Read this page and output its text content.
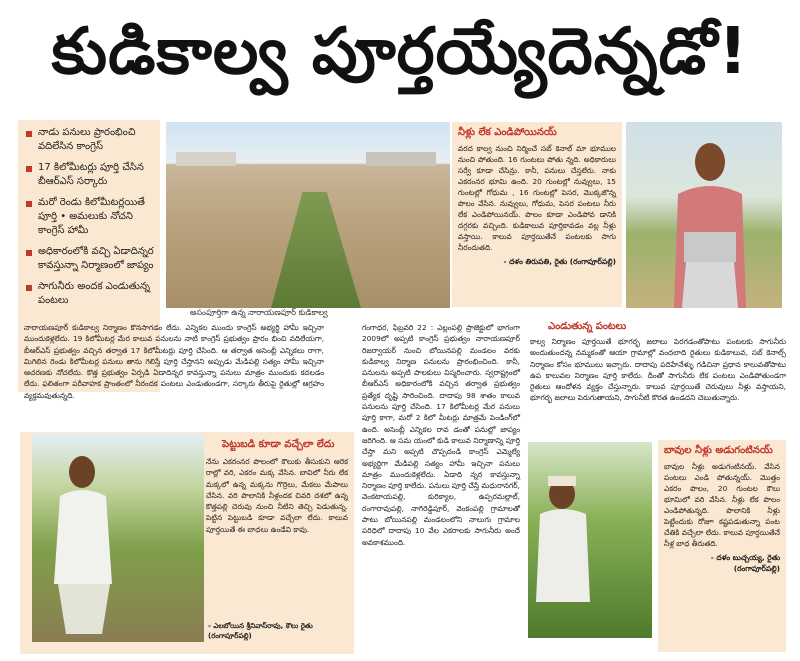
కుడికాల్వ పూర్తయ్యేదెన్నడో!
నాడు పనులు ప్రారంభించి వదిలేసిన కాంగ్రెస్
17 కిలోమీటర్లు పూర్తి చేసిన బీఆర్ఎస్ సర్కారు
మరో రెండు కిలోమీటర్లయితే పూర్తి • అమలుకు నోచని కాంగ్రెస్ హామీ
అధికారంలోకి వచ్చి ఏడాదిన్నర కావస్తున్నా నిర్మాణంలో జాప్యం
సాగునీరు అందక ఎండుతున్న పంటలు
అసంపూర్తిగా ఉన్న నారాయణపూర్ కుడికాల్వ
నీళ్లు లేక ఎండిపోయినయ్
వరద కాల్వ నుంచి నిర్మించే సబ్ కెనాల్ మా భూముల నుంచి పోతుంది. 16 గుంటలు పోతు న్నది. అధికారులు సర్వే కూడా చేసిన్రు. కానీ, పనులు చేస్తలేరు. నాకు ఎకరంనర భూమి ఉంది. 20 గుంటల్లో నువ్వులు, 15 గుంటల్లో గోధుమ , 16 గుంటల్లో పెసర, మొక్కజొన్న పొలం వేసిన. నువ్వులు, గోధుమ, పెసర పంటలు నీరు లేక ఎండిపోయినయ్. పొలం కూడా ఎండిపోవ డానికి దగ్గరకు వచ్చింది. కుడికాలువ పూర్తికావడం వల్ల నీళ్లు వస్తాయి. కాలువ పూర్తయితేనే పంటలకు సాగు నీరందుతది.
- దళం తిరుపతి, రైతు (రంగాపూర్‌పల్లి)
నారాయణపూర్ కుడికాల్వ నిర్మాణం కొనసాగడం లేదు. ఎన్నికల ముందు కాంగ్రెస్ అభ్యర్థి హామీ ఇచ్చినా ముందుకెళ్లలేదు. 19 కిలోమీటర్ల మేర కాలువ పనులను నాటి కాంగ్రెస్ ప్రభుత్వం ప్రారం భించి వదిలేయగా, బీఆర్ఎస్ ప్రభుత్వం వచ్చిన తర్వాత 17 కిలోమీటర్లు పూర్తి చేసింది. ఆ తర్వాత అసెంబ్లీ ఎన్నికలు రాగా, మిగిలిన రెండు కిలోమీటర్ల పనులు తాను గెలిస్తే పూర్తి చేస్తానని అప్పుడు మేడిపల్లి సత్యం హామీ ఇచ్చినా ఆచరణకు నోచలేదు. కొత్త ప్రభుత్వం ఏర్పడి ఏడాదిన్నర కావస్తున్నా పనులు మాత్రం ముందుకు కదలడం లేదు. ఫలితంగా పరీవాహక ప్రాంతంలో నీరందక పంటలు ఎండుతుండగా, సర్కారు తీరుపై రైతుల్లో ఆగ్రహం వ్యక్తమవుతున్నది.
గంగాధర, ఫిబ్రవరి 22 : ఎల్లంపల్లి ప్రాజెక్టులో భాగంగా 2009లో అప్పటి కాంగ్రెస్ ప్రభుత్వం నారాయణపూర్ రిజర్వాయర్ నుంచి బోయినపల్లి మండలం వరకు కుడికాల్వ నిర్మాణ పనులను ప్రారంభించింది. కానీ, పనులను అప్పటి పాలకులు విస్మరించారు. స్వరాష్ట్రంలో బీఆర్ఎస్ అధికారంలోకి వచ్చిన తర్వాత ప్రభుత్వం ప్రత్యేక దృష్టి సారించింది. దాదాపు 98 శాతం కాలువ పనులను పూర్తి చేసింది. 17 కిలోమీటర్ల మేర పనులు పూర్తి కాగా, మరో 2 కిలో మీటర్లు మాత్రమే పెండింగ్‌లో ఉంది. అసెంబ్లీ ఎన్నికల రావ డంతో పనుల్లో జాప్యం జరిగింది. ఆ సమ యంలో కుడి కాలువ నిర్మాణాన్ని పూర్తి చేస్తా మని అప్పటి చొప్పదండి కాంగ్రెస్ ఎమ్మెల్యే అభ్యర్థిగా మేడిపల్లి సత్యం హామీ ఇచ్చినా పనులు మాత్రం ముందుకెళ్లలేదు. ఏడాది న్నర కావస్తున్నా నిర్మాణం పూర్తి కాలేదు. పనులు పూర్తి చేస్తే మధురానగర్, వెంకటాయపల్లి, కురిక్యాల, ఉప్పరమల్లాల్, రంగారావుపల్లి, నాగిరెడ్డిపూర్, వెంకంపల్లి గ్రామాలతో పాటు బోయినపల్లి మండలంలోని నాలుగు గ్రామాల పరిధిలో దాదాపు 10 వేల ఎకరాలకు సాగునీరు అందే అవకాశముంది.
ఎండుతున్న పంటలు
కాల్వ నిర్మాణం పూర్తయితే భూగర్భ జలాలు పెరగడంతోపాటు పంటలకు సాగునీరు అందుతుందన్న నమ్మకంతో ఆయా గ్రామాల్లో వందలాది రైతులు కుడికాలువ, సబ్ కెనాల్స్ నిర్మాణం కోసం భూములు ఇచ్చారు. దాదాపు పదిహేనేళ్ళు గడిచినా ప్రధాన కాలువతోపాటు ఉప కాలువల నిర్మాణం పూర్తి కాలేదు. దీంతో సాగునీరు లేక పంటలు ఎండిపోతుండగా రైతులు ఆందోళన వ్యక్తం చేస్తున్నారు. కాలువ పూర్తయితే చెరువులు నీళ్లు వస్తాయని, భూగర్భ జలాలు పెరుగుతాయని, సాగునీటి కొరత ఉండదని చెబుతున్నారు.
పెట్టుబడి కూడా వచ్చేలా లేదు
నేను ఎకరంనర పొలంలో కౌలుకు తీసుకుని ఆరెక రాల్లో వరి, ఎకరం మక్క వేసిన. బావిలో నీరు లేక మక్కలో ఉన్న మక్కను గొర్రెలు, మేకలు మేపాలు చేసిన. వరి పొలానికి నీళ్లందక చివరి దశలో ఉన్న కొత్తపల్లి చెరువు నుంచి నీటిని తెచ్చి పెడుతున్న. పెట్టిన పెట్టుబడి కూడా వచ్చేలా లేదు. కాలువ పూర్తయితే ఈ బాధలు ఉండేవి కావు.
- ఎలబోయిన శ్రీనివాస్‌రావు, కౌలు రైతు (రంగాపూర్‌పల్లి)
బావుల నీళ్లు అడుగంటినయ్
బావుల నీళ్లు అడుగంటినయ్. వేసిన పంటలు ఎండి పోతున్నయ్. మొత్తం ఎకరం పొలం, 20 గుంటల కౌలు భూమిలో వరి వేసిన. నీళ్లు లేక పొలం ఎండిపోతున్నది. పొలానికి నీళ్లు పెట్టేందుకు రోజూ కష్టపడుతున్నా పంట చేతికి వచ్చేలా లేదు. కాలువ పూర్తయితేనే నీళ్ల బాధ తీరుతది.
- దళం బుచ్చయ్య, రైతు (రంగాపూర్‌పల్లి)
